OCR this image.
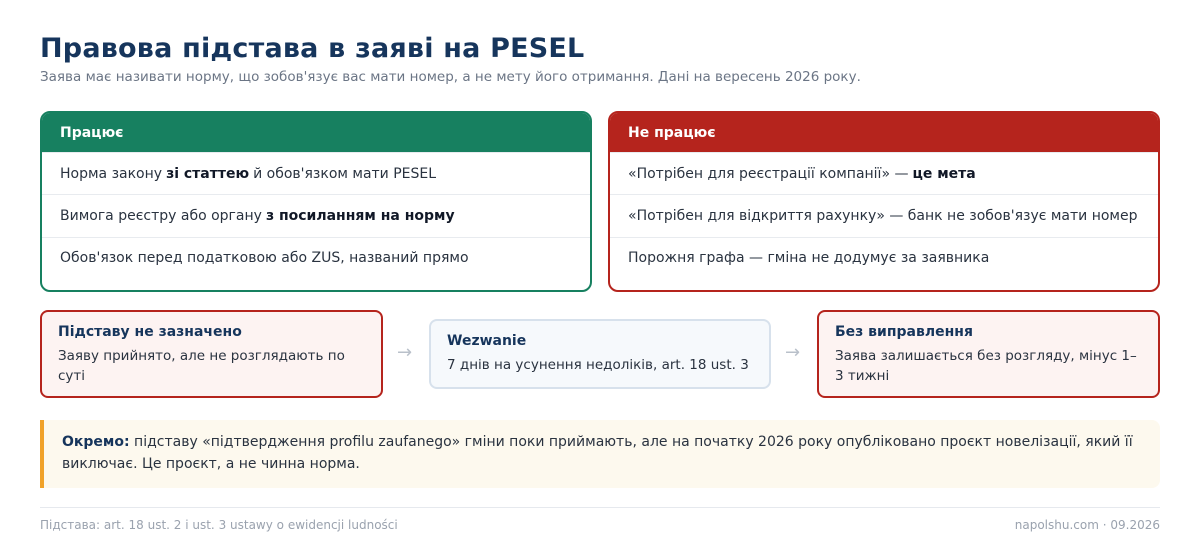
Правова підстава в заяві на PESEL
Заява має називати норму, що зобов'язує вас мати номер, а не мету його отримання. Дані на вересень 2026 року.
Працює
Норма закону зі статтею й обов'язком мати PESEL
Вимога реєстру або органу з посиланням на норму
Обов'язок перед податковою або ZUS, названий прямо
Не працює
«Потрібен для реєстрації компанії» — це мета
«Потрібен для відкриття рахунку» — банк не зобов'язує мати номер
Порожня графа — гміна не додумує за заявника
Підставу не зазначено
Заяву прийнято, але не розглядають по суті
→
Wezwanie
7 днів на усунення недоліків, art. 18 ust. 3
→
Без виправлення
Заява залишається без розгляду, мінус 1–3 тижні
Окремо: підставу «підтвердження profilu zaufanego» гміни поки приймають, але на початку 2026 року опубліковано проєкт новелізації, який її виключає. Це проєкт, а не чинна норма.
Підстава: art. 18 ust. 2 i ust. 3 ustawy o ewidencji ludności	napolshu.com · 09.2026
